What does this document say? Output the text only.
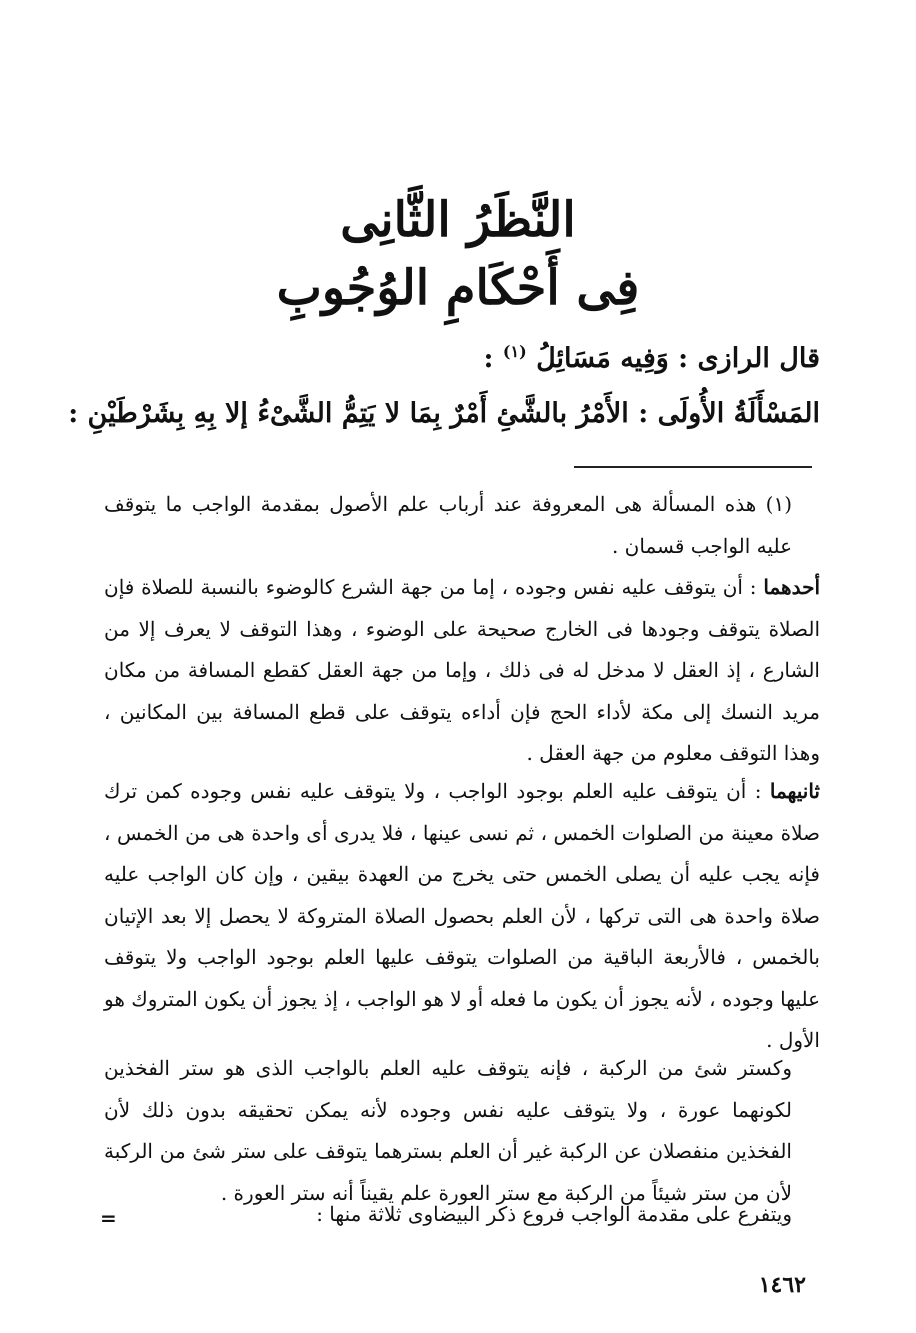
النَّظَرُ الثَّانِى
فِى أَحْكَامِ الوُجُوبِ
قال الرازى : وَفِيه مَسَائِلُ $^{(١)}$ :
المَسْأَلَةُ الأُولَى : الأَمْرُ بالشَّئِ أَمْرٌ بِمَا لا يَتِمُّ الشَّىْءُ إلا بِهِ بِشَرْطَيْنِ :

(١) هذه المسألة هى المعروفة عند أرباب علم الأصول بمقدمة الواجب ما يتوقف عليه الواجب قسمان .

أحدهما : أن يتوقف عليه نفس وجوده ، إما من جهة الشرع كالوضوء بالنسبة للصلاة فإن الصلاة يتوقف وجودها فى الخارج صحيحة على الوضوء ، وهذا التوقف لا يعرف إلا من الشارع ، إذ العقل لا مدخل له فى ذلك ، وإما من جهة العقل كقطع المسافة من مكان مريد النسك إلى مكة لأداء الحج فإن أداءه يتوقف على قطع المسافة بين المكانين ، وهذا التوقف معلوم من جهة العقل .

ثانيهما : أن يتوقف عليه العلم بوجود الواجب ، ولا يتوقف عليه نفس وجوده كمن ترك صلاة معينة من الصلوات الخمس ، ثم نسى عينها ، فلا يدرى أى واحدة هى من الخمس ، فإنه يجب عليه أن يصلى الخمس حتى يخرج من العهدة بيقين ، وإن كان الواجب عليه صلاة واحدة هى التى تركها ، لأن العلم بحصول الصلاة المتروكة لا يحصل إلا بعد الإتيان بالخمس ، فالأربعة الباقية من الصلوات يتوقف عليها العلم بوجود الواجب ولا يتوقف عليها وجوده ، لأنه يجوز أن يكون ما فعله أو لا هو الواجب ، إذ يجوز أن يكون المتروك هو الأول .

وكستر شئ من الركبة ، فإنه يتوقف عليه العلم بالواجب الذى هو ستر الفخذين لكونهما عورة ، ولا يتوقف عليه نفس وجوده لأنه يمكن تحقيقه بدون ذلك لأن الفخذين منفصلان عن الركبة غير أن العلم بسترهما يتوقف على ستر شئ من الركبة لأن من ستر شيئاً من الركبة مع ستر العورة علم يقيناً أنه ستر العورة .

ويتفرع على مقدمة الواجب فروع ذكر البيضاوى ثلاثة منها :

=
١٤٦٢
